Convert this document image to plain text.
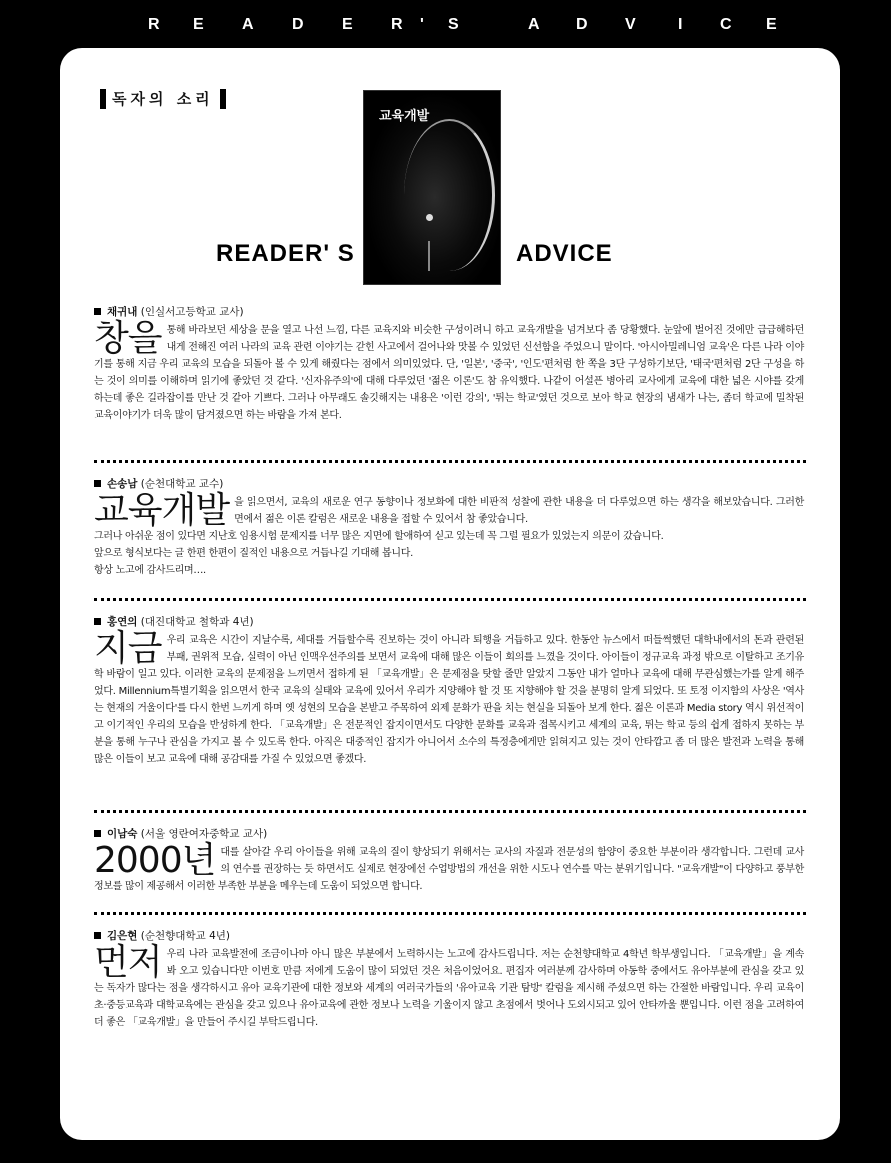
R E A D E R ' S	A D V	I C E
독자의 소리
교육개발
READER' S	ADVICE
채귀내 (인실서고등학교 교사)
창을 통해 바라보던 세상을 문을 열고 나선 느낌, 다른 교육지와 비슷한 구성이려니 하고 교육개발을 넘겨보다 좀 당황했다. 눈앞에 벌어진 것에만 급급해하던 내게 전해진 여러 나라의 교육 관련 이야기는 갇힌 사고에서 걸어나와 맛볼 수 있었던 신선함을 주었으니 말이다. '아시아밀레니엄 교육'은 다른 나라 이야기를 통해 지금 우리 교육의 모습을 되돌아 볼 수 있게 해줬다는 점에서 의미있었다. 단, '일본', '중국', '인도'편처럼 한 쪽을 3단 구성하기보단, '태국'편처럼 2단 구성을 하는 것이 의미를 이해하며 읽기에 좋았던 것 같다. '신자유주의'에 대해 다루었던 '젊은 이론'도 참 유익했다. 나같이 어설픈 병아리 교사에게 교육에 대한 넓은 시야를 갖게 하는데 좋은 길라잡이를 만난 것 같아 기쁘다. 그러나 아무래도 솔깃해지는 내용은 '이런 강의', '튀는 학교'였던 것으로 보아 학교 현장의 냄새가 나는, 좀더 학교에 밀착된 교육이야기가 더욱 많이 담겨졌으면 하는 바람을 가져 본다.
손송남 (순천대학교 교수)
교육개발 을 읽으면서, 교육의 새로운 연구 동향이나 정보화에 대한 비판적 성찰에 관한 내용을 더 다루었으면 하는 생각을 해보았습니다. 그러한 면에서 젊은 이론 칼럼은 새로운 내용을 접할 수 있어서 참 좋았습니다.
그러나 아쉬운 점이 있다면 지난호 임용시험 문제지를 너무 많은 지면에 할애하여 싣고 있는데 꼭 그럴 필요가 있었는지 의문이 갔습니다.
앞으로 형식보다는 글 한편 한편이 질적인 내용으로 거듭나길 기대해 봅니다.
항상 노고에 감사드리며….
홍연의 (대진대학교 철학과 4년)
지금 우리 교육은 시간이 지날수록, 세대를 거듭할수록 진보하는 것이 아니라 퇴행을 거듭하고 있다. 한동안 뉴스에서 떠들썩했던 대학내에서의 돈과 관련된 부패, 권위적 모습, 실력이 아닌 인맥우선주의를 보면서 교육에 대해 많은 이들이 회의를 느꼈을 것이다. 아이들이 정규교육 과정 밖으로 이탈하고 조기유학 바람이 일고 있다. 이러한 교육의 문제점을 느끼면서 접하게 된 「교육개발」은 문제점을 탓할 줄만 알았지 그동안 내가 얼마나 교육에 대해 무관심했는가를 알게 해주었다. Millennium특별기획을 읽으면서 한국 교육의 실태와 교육에 있어서 우리가 지양해야 할 것 또 지향해야 할 것을 분명히 알게 되었다. 또 토정 이지함의 사상은 '역사는 현재의 거울이다'를 다시 한번 느끼게 하며 옛 성현의 모습을 본받고 주목하여 외제 문화가 판을 치는 현실을 되돌아 보게 한다. 젊은 이론과 Media story 역시 위선적이고 이기적인 우리의 모습을 반성하게 한다. 「교육개발」은 전문적인 잡지이면서도 다양한 문화를 교육과 접목시키고 세계의 교육, 튀는 학교 등의 쉽게 접하지 못하는 부분을 통해 누구나 관심을 가지고 볼 수 있도록 한다. 아직은 대중적인 잡지가 아니어서 소수의 특정층에게만 읽혀지고 있는 것이 안타깝고 좀 더 많은 발전과 노력을 통해 많은 이들이 보고 교육에 대해 공감대를 가질 수 있었으면 좋겠다.
이남숙 (서울 영란여자중학교 교사)
2000년 대를 살아갈 우리 아이들을 위해 교육의 질이 향상되기 위해서는 교사의 자질과 전문성의 함양이 중요한 부분이라 생각합니다. 그런데 교사의 연수를 권장하는 듯 하면서도 실제로 현장에선 수업방법의 개선을 위한 시도나 연수를 막는 분위기입니다. "교육개발"이 다양하고 풍부한 정보를 많이 제공해서 이러한 부족한 부분을 메우는데 도움이 되었으면 합니다.
김은현 (순천향대학교 4년)
먼저 우리 나라 교육발전에 조금이나마 아니 많은 부분에서 노력하시는 노고에 감사드립니다. 저는 순천향대학교 4학년 학부생입니다. 「교육개발」을 계속 봐 오고 있습니다만 이번호 만큼 저에게 도움이 많이 되었던 것은 처음이었어요. 편집자 여러분께 감사하며 아동학 중에서도 유아부분에 관심을 갖고 있는 독자가 많다는 점을 생각하시고 유아 교육기관에 대한 정보와 세계의 여러국가들의 '유아교육 기관 탐방' 칼럼을 제시해 주셨으면 하는 간절한 바람입니다. 우리 교육이 초·중등교육과 대학교육에는 관심을 갖고 있으나 유아교육에 관한 정보나 노력을 기울이지 않고 초점에서 벗어나 도외시되고 있어 안타까울 뿐입니다. 이런 점을 고려하여 더 좋은 「교육개발」을 만들어 주시길 부탁드립니다.
